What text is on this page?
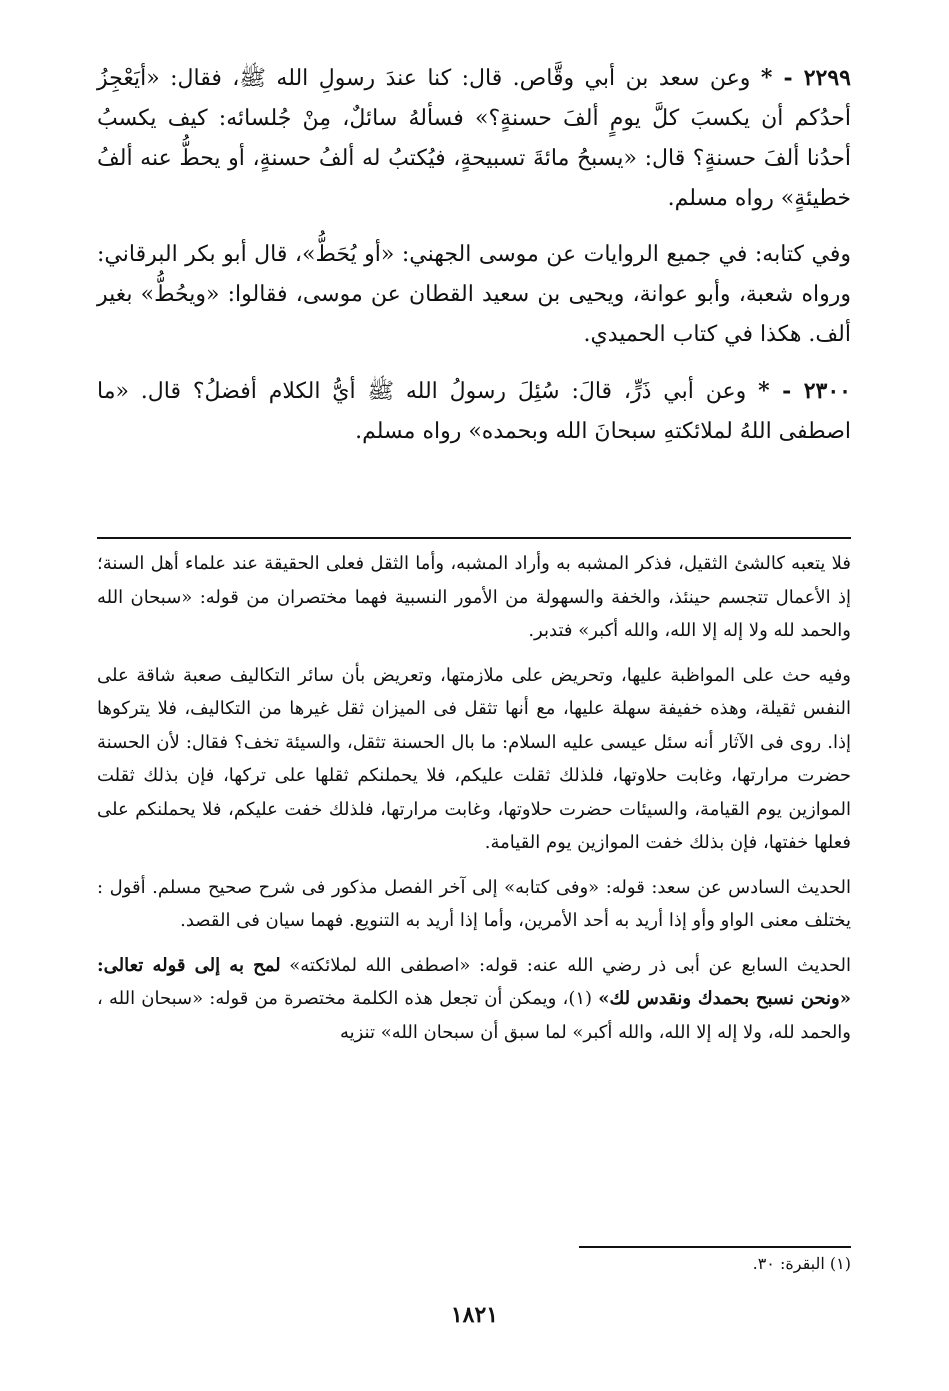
٢٢٩٩ - * وعن سعد بن أبي وقَّاص. قال: كنا عندَ رسولِ الله ﷺ، فقال: «أيَعْجِزُ أحدُكم أن يكسبَ كلَّ يومٍ ألفَ حسنةٍ؟» فسألهُ سائلٌ، مِنْ جُلسائه: كيف يكسبُ أحدُنا ألفَ حسنةٍ؟ قال: «يسبحُ مائةَ تسبيحةٍ، فيُكتبُ له ألفُ حسنةٍ، أو يحطُّ عنه ألفُ خطيئةٍ» رواه مسلم.

وفي كتابه: في جميع الروايات عن موسى الجهني: «أو يُحَطُّ»، قال أبو بكر البرقاني: ورواه شعبة، وأبو عوانة، ويحيى بن سعيد القطان عن موسى، فقالوا: «ويحُطُّ» بغير ألف. هكذا في كتاب الحميدي.

٢٣٠٠ - * وعن أبي ذَرٍّ، قالَ: سُئِلَ رسولُ الله ﷺ أيُّ الكلام أفضلُ؟ قال. «ما اصطفى اللهُ لملائكتهِ سبحانَ الله وبحمده» رواه مسلم.

فلا يتعبه كالشئ الثقيل، فذكر المشبه به وأراد المشبه، وأما الثقل فعلى الحقيقة عند علماء أهل السنة؛ إذ الأعمال تتجسم حينئذ، والخفة والسهولة من الأمور النسبية فهما مختصران من قوله: «سبحان الله والحمد لله ولا إله إلا الله، والله أكبر» فتدبر.

وفيه حث على المواظبة عليها، وتحريض على ملازمتها، وتعريض بأن سائر التكاليف صعبة شاقة على النفس ثقيلة، وهذه خفيفة سهلة عليها، مع أنها تثقل فى الميزان ثقل غيرها من التكاليف، فلا يتركوها إذا. روى فى الآثار أنه سئل عيسى عليه السلام: ما بال الحسنة تثقل، والسيئة تخف؟ فقال: لأن الحسنة حضرت مرارتها، وغابت حلاوتها، فلذلك ثقلت عليكم، فلا يحملنكم ثقلها على تركها، فإن بذلك ثقلت الموازين يوم القيامة، والسيئات حضرت حلاوتها، وغابت مرارتها، فلذلك خفت عليكم، فلا يحملنكم على فعلها خفتها، فإن بذلك خفت الموازين يوم القيامة.

الحديث السادس عن سعد: قوله: «وفى كتابه» إلى آخر الفصل مذكور فى شرح صحيح مسلم. أقول : يختلف معنى الواو وأو إذا أريد به أحد الأمرين، وأما إذا أريد به التنويع. فهما سيان فى القصد.

الحديث السابع عن أبى ذر رضي الله عنه: قوله: «اصطفى الله لملائكته» لمح به إلى قوله تعالى: «ونحن نسبح بحمدك ونقدس لك» (١)، ويمكن أن تجعل هذه الكلمة مختصرة من قوله: «سبحان الله ، والحمد لله، ولا إله إلا الله، والله أكبر» لما سبق أن سبحان الله» تنزيه

(١) البقرة: ٣٠.

١٨٢١
